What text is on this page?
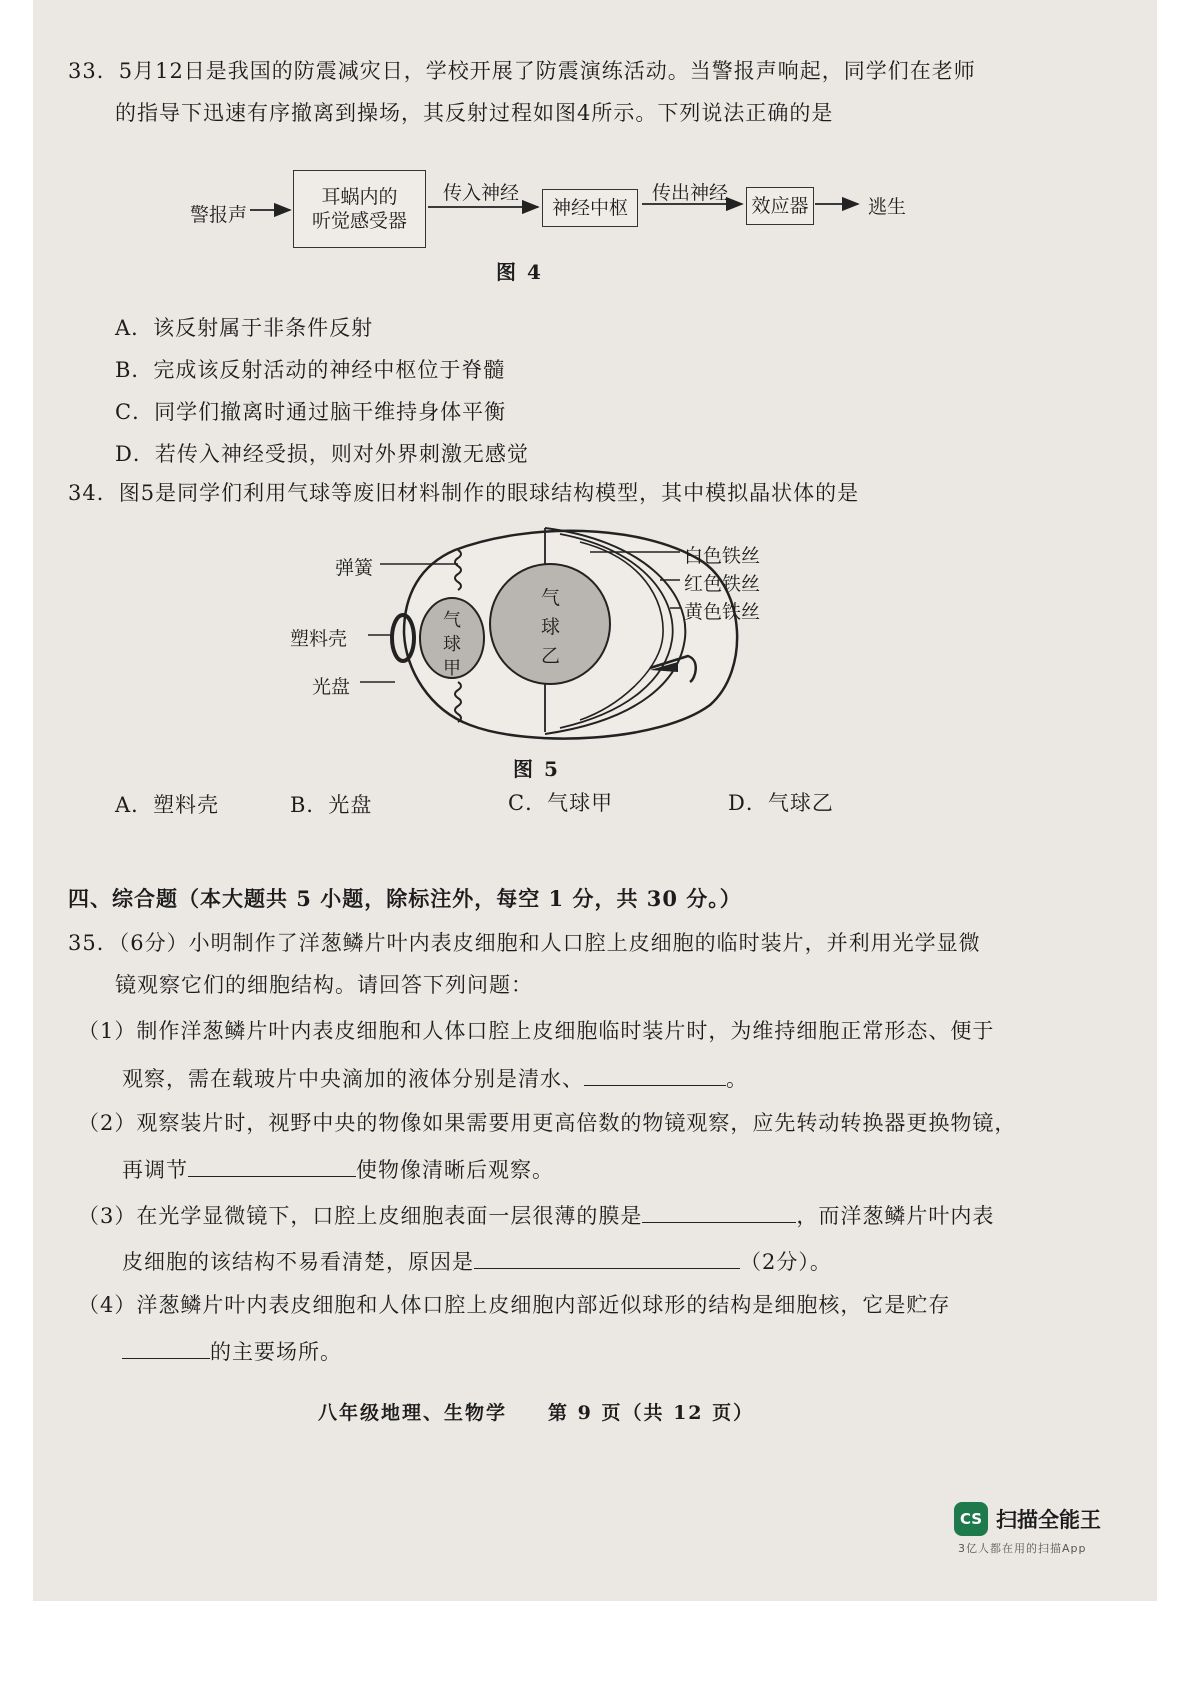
33．5月12日是我国的防震减灾日，学校开展了防震演练活动。当警报声响起，同学们在老师
的指导下迅速有序撤离到操场，其反射过程如图4所示。下列说法正确的是
警报声
耳蜗内的
听觉感受器
传入神经
神经中枢
传出神经
效应器	逃生
图 4
A．该反射属于非条件反射
B．完成该反射活动的神经中枢位于脊髓
C．同学们撤离时通过脑干维持身体平衡
D．若传入神经受损，则对外界刺激无感觉
34．图5是同学们利用气球等废旧材料制作的眼球结构模型，其中模拟晶状体的是
弹簧
塑料壳
光盘
白色铁丝
红色铁丝
黄色铁丝
气
球
甲
气
球
乙
图 5
A．塑料壳	B．光盘	C．气球甲	D．气球乙
四、综合题（本大题共 5 小题，除标注外，每空 1 分，共 30 分。）
35．（6分）小明制作了洋葱鳞片叶内表皮细胞和人口腔上皮细胞的临时装片，并利用光学显微
镜观察它们的细胞结构。请回答下列问题：
（1）制作洋葱鳞片叶内表皮细胞和人体口腔上皮细胞临时装片时，为维持细胞正常形态、便于
观察，需在载玻片中央滴加的液体分别是清水、	。
（2）观察装片时，视野中央的物像如果需要用更高倍数的物镜观察，应先转动转换器更换物镜，
再调节	使物像清晰后观察。
（3）在光学显微镜下，口腔上皮细胞表面一层很薄的膜是	，而洋葱鳞片叶内表
皮细胞的该结构不易看清楚，原因是	（2分）。
（4）洋葱鳞片叶内表皮细胞和人体口腔上皮细胞内部近似球形的结构是细胞核，它是贮存
的主要场所。
八年级地理、生物学 第 9 页（共 12 页）
CS 扫描全能王
3亿人都在用的扫描App
